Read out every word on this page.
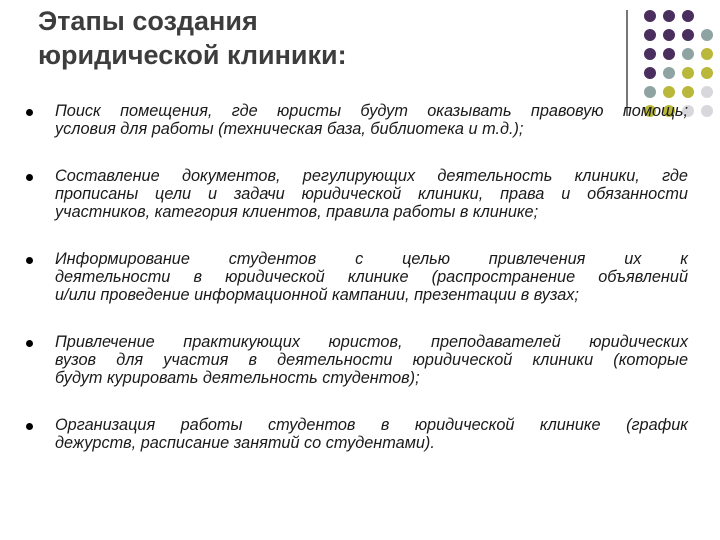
Этапы создания
юридической клиники:
Поиск помещения, где юристы будут оказывать правовую помощь;
условия для работы (техническая база, библиотека и т.д.);
Составление документов, регулирующих деятельность клиники, где
прописаны цели и задачи юридической клиники, права и обязанности
участников, категория клиентов, правила работы в клинике;
Информирование студентов с целью привлечения их к
деятельности в юридической клинике (распространение объявлений
и/или проведение информационной кампании, презентации в вузах;
Привлечение практикующих юристов, преподавателей юридических
вузов для участия в деятельности юридической клиники (которые
будут курировать деятельность студентов);
Организация работы студентов в юридической клинике (график
дежурств, расписание занятий со студентами).
